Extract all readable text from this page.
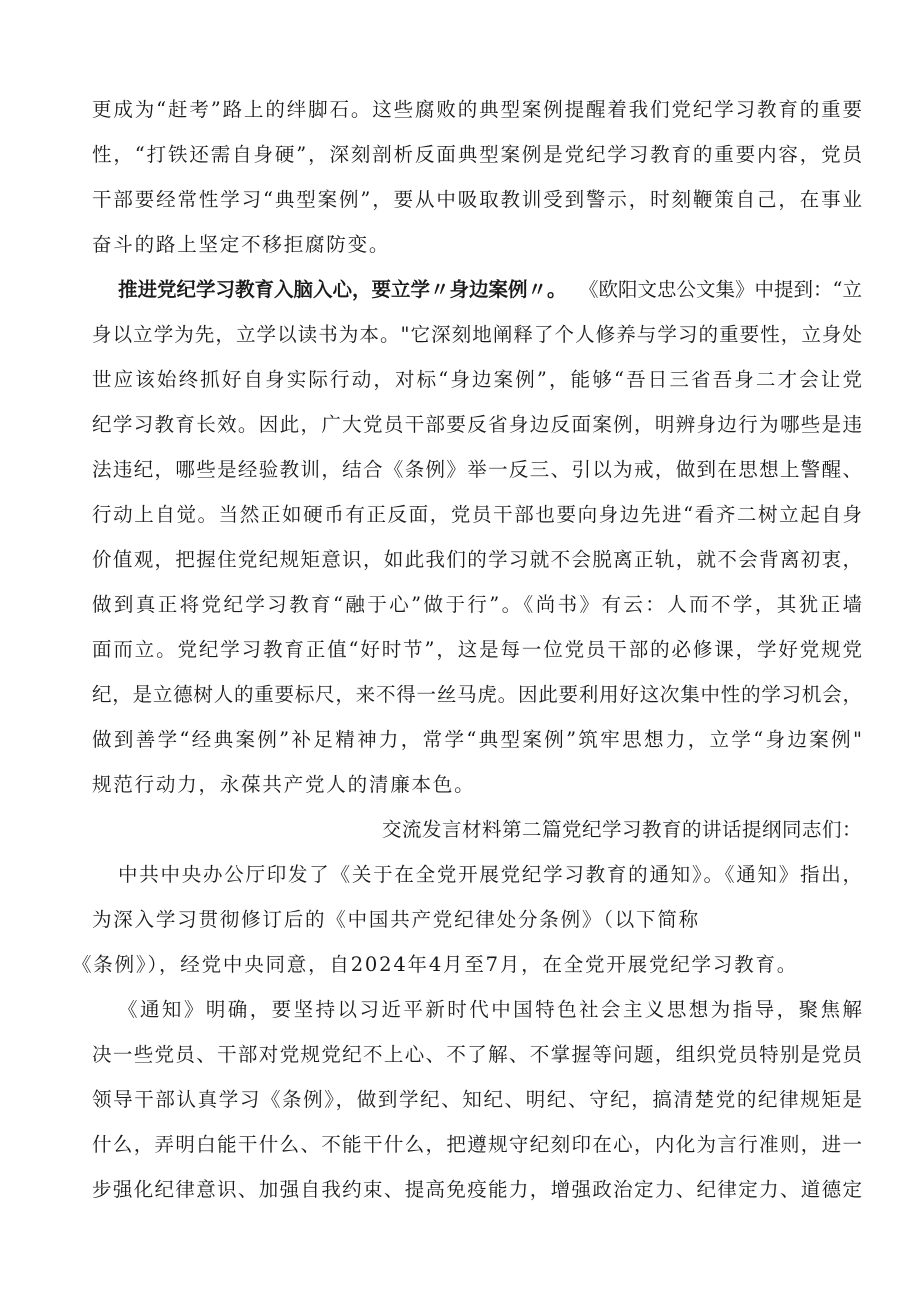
更成为“赶考”路上的绊脚石。这些腐败的典型案例提醒着我们党纪学习教育的重要
性，“打铁还需自身硬”，深刻剖析反面典型案例是党纪学习教育的重要内容，党员
干部要经常性学习“典型案例”，要从中吸取教训受到警示，时刻鞭策自己，在事业
奋斗的路上坚定不移拒腐防变。
推进党纪学习教育入脑入心，要立学〃身边案例〃。 《欧阳文忠公文集》中提到：“立
身以立学为先，立学以读书为本。"它深刻地阐释了个人修养与学习的重要性，立身处
世应该始终抓好自身实际行动，对标“身边案例”，能够“吾日三省吾身二才会让党
纪学习教育长效。因此，广大党员干部要反省身边反面案例，明辨身边行为哪些是违
法违纪，哪些是经验教训，结合《条例》举一反三、引以为戒，做到在思想上警醒、
行动上自觉。当然正如硬币有正反面，党员干部也要向身边先进“看齐二树立起自身
价值观，把握住党纪规矩意识，如此我们的学习就不会脱离正轨，就不会背离初衷，
做到真正将党纪学习教育“融于心”做于行”。《尚书》有云：人而不学，其犹正墙
面而立。党纪学习教育正值“好时节”，这是每一位党员干部的必修课，学好党规党
纪，是立德树人的重要标尺，来不得一丝马虎。因此要利用好这次集中性的学习机会，
做到善学“经典案例”补足精神力，常学“典型案例”筑牢思想力，立学“身边案例"
规范行动力，永葆共产党人的清廉本色。
交流发言材料第二篇党纪学习教育的讲话提纲同志们：
中共中央办公厅印发了《关于在全党开展党纪学习教育的通知》。《通知》指出，
为深入学习贯彻修订后的《中国共产党纪律处分条例》（以下简称
《条例》），经党中央同意，自2024年4月至7月，在全党开展党纪学习教育。
《通知》明确，要坚持以习近平新时代中国特色社会主义思想为指导，聚焦解
决一些党员、干部对党规党纪不上心、不了解、不掌握等问题，组织党员特别是党员
领导干部认真学习《条例》，做到学纪、知纪、明纪、守纪，搞清楚党的纪律规矩是
什么，弄明白能干什么、不能干什么，把遵规守纪刻印在心，内化为言行准则，进一
步强化纪律意识、加强自我约束、提高免疫能力，增强政治定力、纪律定力、道德定
